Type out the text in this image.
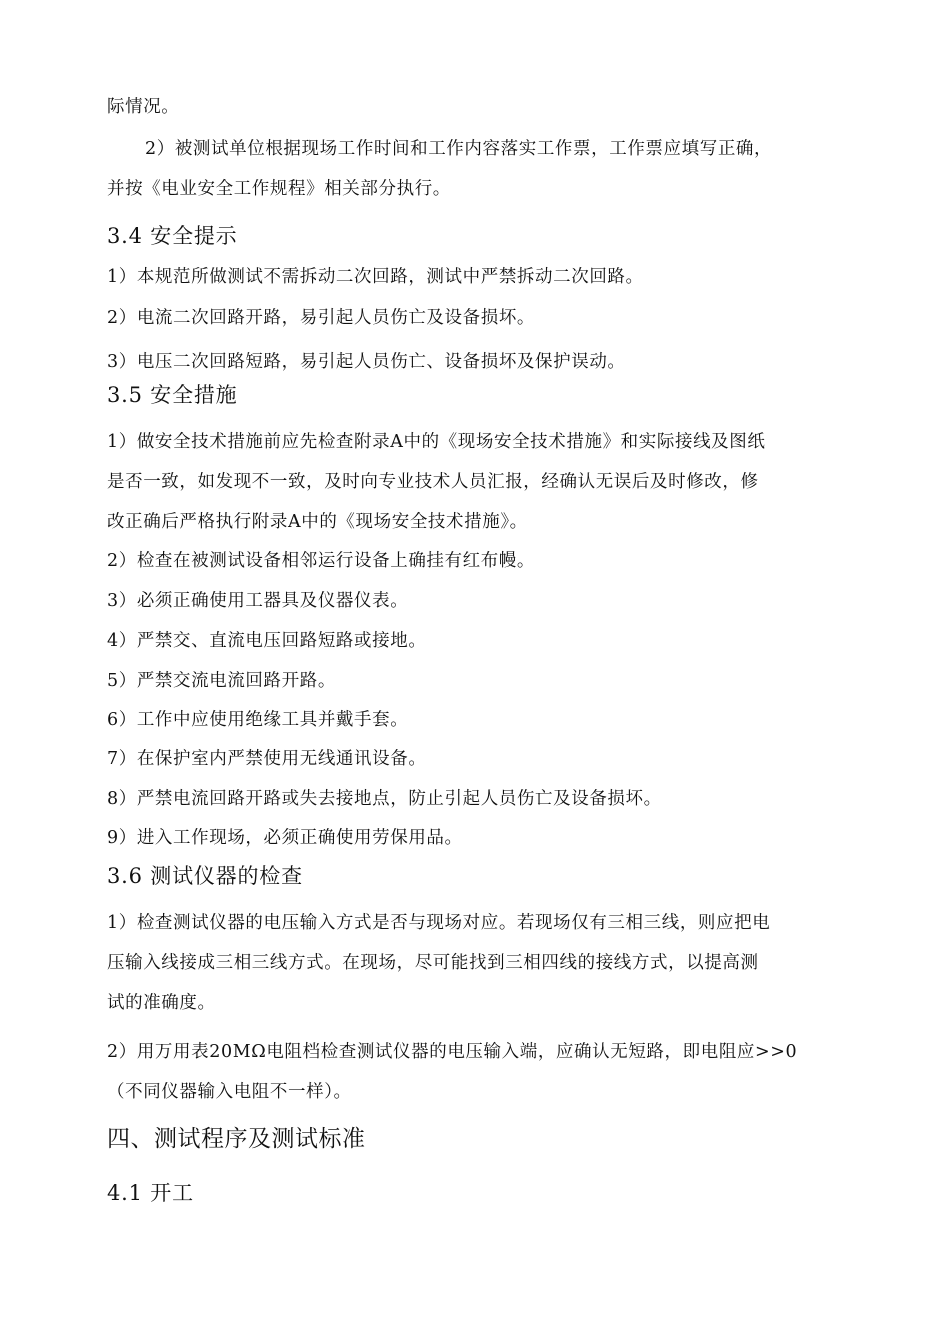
际情况。
2）被测试单位根据现场工作时间和工作内容落实工作票，工作票应填写正确，
并按《电业安全工作规程》相关部分执行。
3.4 安全提示
1）本规范所做测试不需拆动二次回路，测试中严禁拆动二次回路。
2）电流二次回路开路，易引起人员伤亡及设备损坏。
3）电压二次回路短路，易引起人员伤亡、设备损坏及保护误动。
3.5 安全措施
1）做安全技术措施前应先检查附录A中的《现场安全技术措施》和实际接线及图纸
是否一致，如发现不一致，及时向专业技术人员汇报，经确认无误后及时修改，修
改正确后严格执行附录A中的《现场安全技术措施》。
2）检查在被测试设备相邻运行设备上确挂有红布幔。
3）必须正确使用工器具及仪器仪表。
4）严禁交、直流电压回路短路或接地。
5）严禁交流电流回路开路。
6）工作中应使用绝缘工具并戴手套。
7）在保护室内严禁使用无线通讯设备。
8）严禁电流回路开路或失去接地点，防止引起人员伤亡及设备损坏。
9）进入工作现场，必须正确使用劳保用品。
3.6 测试仪器的检查
1）检查测试仪器的电压输入方式是否与现场对应。若现场仅有三相三线，则应把电
压输入线接成三相三线方式。在现场，尽可能找到三相四线的接线方式，以提高测
试的准确度。
2）用万用表20MΩ电阻档检查测试仪器的电压输入端，应确认无短路，即电阻应>>0
（不同仪器输入电阻不一样）。
四、测试程序及测试标准
4.1 开工
